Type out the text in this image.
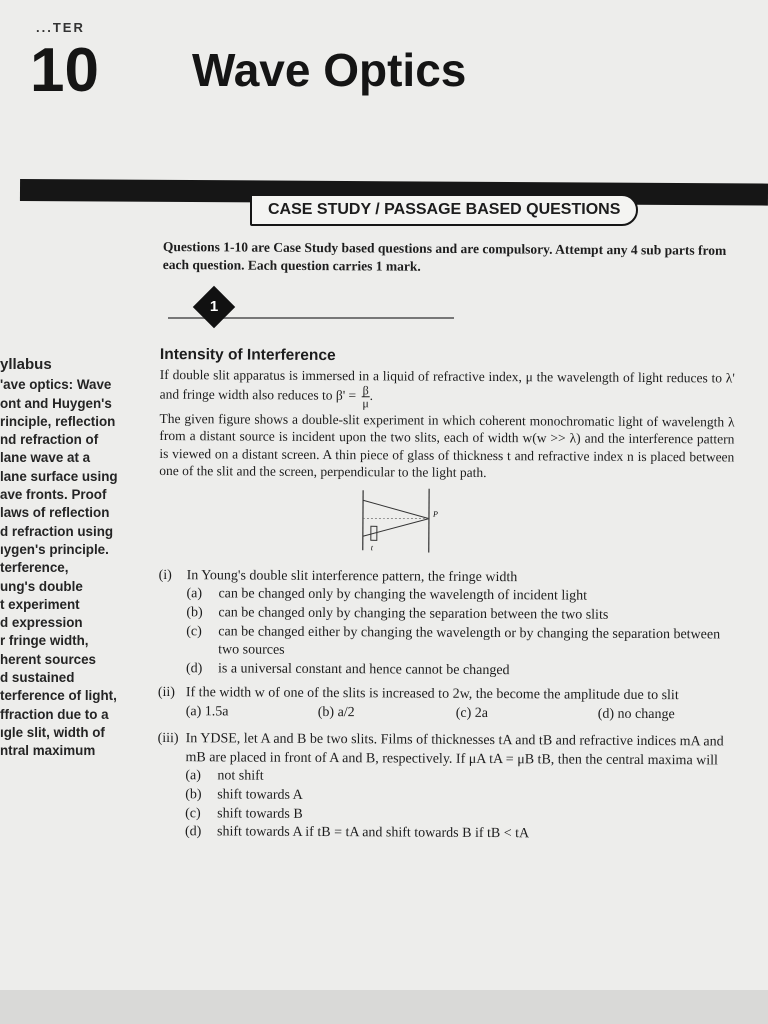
...TER
10 Wave Optics
CASE STUDY / PASSAGE BASED QUESTIONS
Questions 1-10 are Case Study based questions and are compulsory. Attempt any 4 sub parts from each question. Each question carries 1 mark.
1
yllabus
'ave optics: Wave
ont and Huygen's
rinciple, reflection
nd refraction of
lane wave at a
lane surface using
ave fronts. Proof
laws of reflection
d refraction using
ıygen's principle.
terference,
ung's double
t experiment
d expression
r fringe width,
herent sources
d sustained
terference of light,
ffraction due to a
ıgle slit, width of
ntral maximum
Intensity of Interference

If double slit apparatus is immersed in a liquid of refractive index, μ the wavelength of light reduces to λ' and fringe width also reduces to $\beta' = \frac{\beta}{\mu}$ .

The given figure shows a double-slit experiment in which coherent monochromatic light of wavelength λ from a distant source is incident upon the two slits, each of width w(w >> λ) and the interference pattern is viewed on a distant screen. A thin piece of glass of thickness t and refractive index n is placed between one of the slit and the screen, perpendicular to the light path.

P
t
(i)	In Young's double slit interference pattern, the fringe width
(a)	can be changed only by changing the wavelength of incident light
(b)	can be changed only by changing the separation between the two slits
(c)	can be changed either by changing the wavelength or by changing the separation between two sources
(d)	is a universal constant and hence cannot be changed
(ii) If the width w of one of the slits is increased to 2w, the become the amplitude due to slit
(a) 1.5a	(b) a/2	(c) 2a	(d) no change
(iii) In YDSE, let A and B be two slits. Films of thicknesses tA and tB and refractive indices mA and mB are placed in front of A and B, respectively. If μA tA = μB tB, then the central maxima will
(a)	not shift
(b)	shift towards A
(c)	shift towards B
(d)	shift towards A if tB = tA and shift towards B if tB < tA
